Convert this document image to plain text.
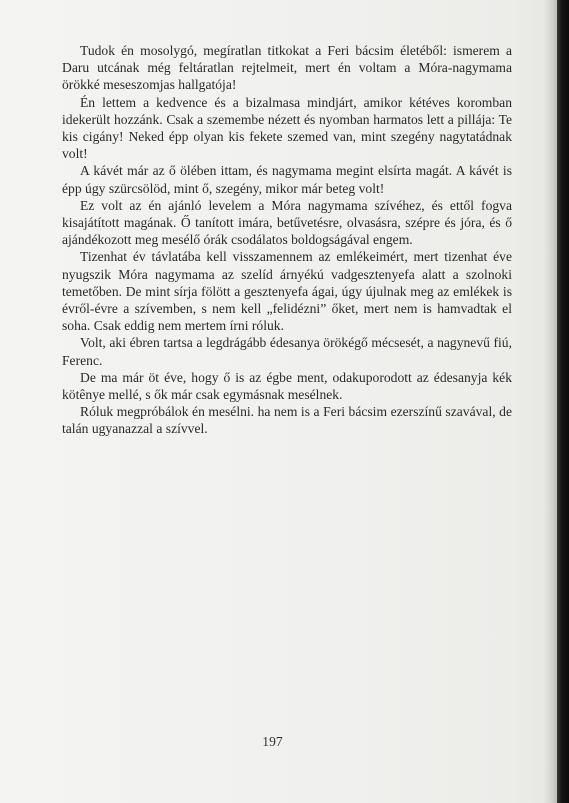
Tudok én mosolygó, megíratlan titkokat a Feri bácsim életéből: ismerem a Daru utcának még feltáratlan rejtelmeit, mert én voltam a Móra-nagymama örökké meseszomjas hallgatója!

Én lettem a kedvence és a bizalmasa mindjárt, amikor kétéves koromban idekerült hozzánk. Csak a szemembe nézett és nyomban harmatos lett a pillája: Te kis cigány! Neked épp olyan kis fekete szemed van, mint szegény nagytatádnak volt!

A kávét már az ő ölében ittam, és nagymama megint elsírta magát. A kávét is épp úgy szürcsölöd, mint ő, szegény, mikor már beteg volt!

Ez volt az én ajánló levelem a Móra nagymama szívéhez, és ettől fogva kisajátított magának. Ő tanított imára, betűvetésre, olvasásra, szépre és jóra, és ő ajándékozott meg mesélő órák csodálatos boldogságával engem.

Tizenhat év távlatába kell visszamennem az emlékeimért, mert tizenhat éve nyugszik Móra nagymama az szelíd árnyékú vadgesztenyefa alatt a szolnoki temetőben. De mint sírja fölött a gesztenyefa ágai, úgy újulnak meg az emlékek is évről-évre a szívemben, s nem kell „felidézni” őket, mert nem is hamvadtak el soha. Csak eddig nem mertem írni róluk.

Volt, aki ébren tartsa a legdrágább édesanya örökégő mécsesét, a nagynevű fiú, Ferenc.

De ma már öt éve, hogy ő is az égbe ment, odakuporodott az édesanyja kék kötênye mellé, s ők már csak egymásnak mesélnek.

Róluk megpróbálok én mesélni. ha nem is a Feri bácsim ezerszínű szavával, de talán ugyanazzal a szívvel.

197
